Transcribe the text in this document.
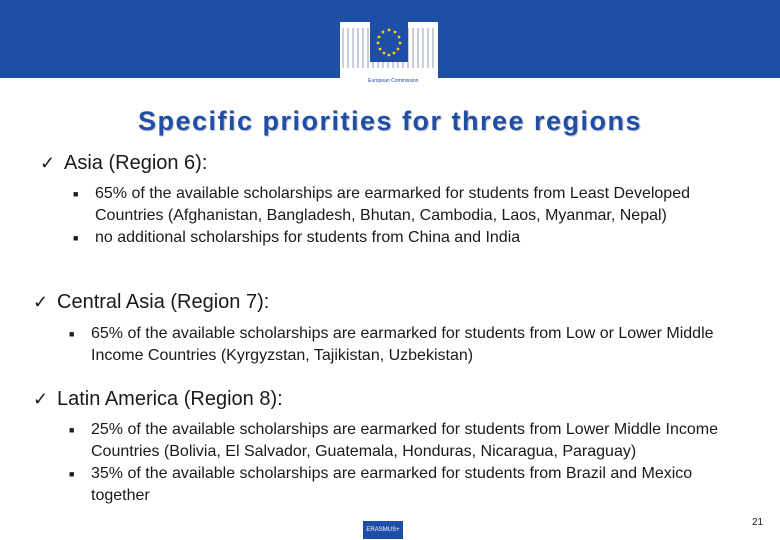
European Commission
Specific priorities for three regions
✓ Asia (Region 6):
■ 65% of the available scholarships are earmarked for students from Least Developed Countries (Afghanistan, Bangladesh, Bhutan, Cambodia, Laos, Myanmar, Nepal)
■ no additional scholarships for students from China and India
✓ Central Asia (Region 7):
■ 65% of the available scholarships are earmarked for students from Low or Lower Middle Income Countries (Kyrgyzstan, Tajikistan, Uzbekistan)
✓ Latin America (Region 8):
■ 25% of the available scholarships are earmarked for students from Lower Middle Income Countries (Bolivia, El Salvador, Guatemala, Honduras, Nicaragua, Paraguay)
■ 35% of the available scholarships are earmarked for students from Brazil and Mexico together
ERASMUS+
21
